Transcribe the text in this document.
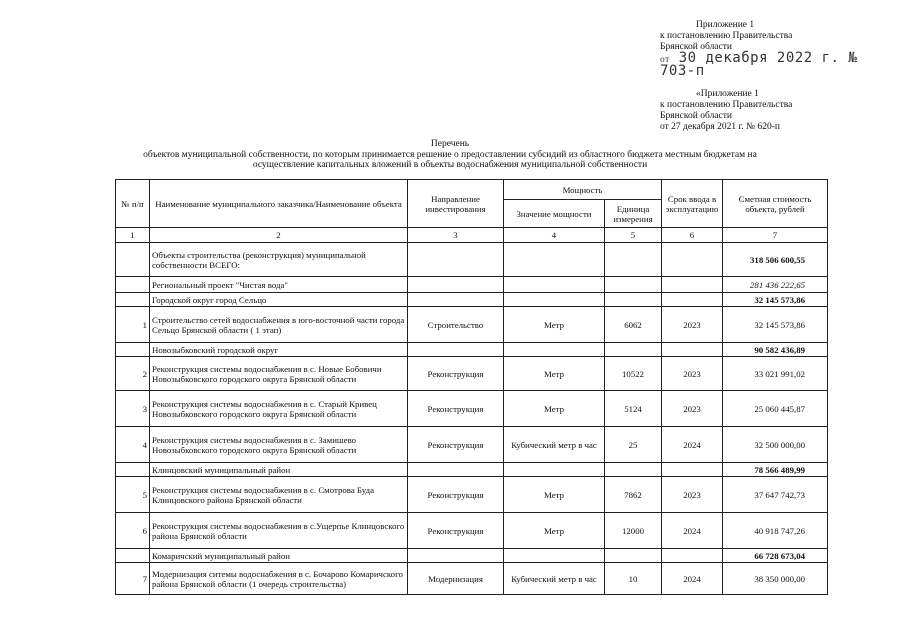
Приложение 1
к постановлению Правительства
Брянской области
от 30 декабря 2022 г. № 703-п
«Приложение 1
к постановлению Правительства
Брянской области
от 27 декабря 2021 г. № 620-п
Перечень
объектов муниципальной собственности, по которым принимается решение о предоставлении субсидий из областного бюджета местным бюджетам на
осуществление капитальных вложений в объекты водоснабжения муниципальной собственности
№ п/п	Наименование муниципального заказчика/Наименование объекта	Направление инвестирования	Мощность		Срок ввода в эксплуатацию	Сметная стоимость объекта, рублей
			Значение мощности	Единица измерения		
1	2	3	4	5	6	7
	Объекты строительства (реконструкция) муниципальной собственности ВСЕГО:					318 506 600,55
	Региональный проект "Чистая вода"					281 436 222,65
	Городской округ город Сельцо					32 145 573,86
1	Строительство сетей водоснабжения в юго-восточной части города Сельцо Брянской области ( 1 этап)	Строительство	Метр	6062	2023	32 145 573,86
	Новозыбковский городской округ					90 582 436,89
2	Реконструкция системы водоснабжения в с. Новые Бобовичи Новозыбковского городского округа Брянской области	Реконструкция	Метр	10522	2023	33 021 991,02
3	Реконструкция системы водоснабжения в с. Старый Кривец Новозыбковского городского округа Брянской области	Реконструкция	Метр	5124	2023	25 060 445,87
4	Реконструкция системы водоснабжения в с. Замишево Новозыбковского городского округа Брянской области	Реконструкция	Кубический метр в час	25	2024	32 500 000,00
	Клинцовский муниципальный район					78 566 489,99
5	Реконструкция системы водоснабжения в с. Смотрова Буда Клинцовского района Брянской области	Реконструкция	Метр	7862	2023	37 647 742,73
6	Реконструкция системы водоснабжения в с.Ущерпье Клинцовского района Брянской области	Реконструкция	Метр	12000	2024	40 918 747,26
	Комаричский муниципальный район					66 728 673,04
7	Модернизация ситемы водоснабжения в с. Бочарово Комаричского района Брянской области (1 очередь строительства)	Модернизация	Кубический метр в час	10	2024	38 350 000,00
